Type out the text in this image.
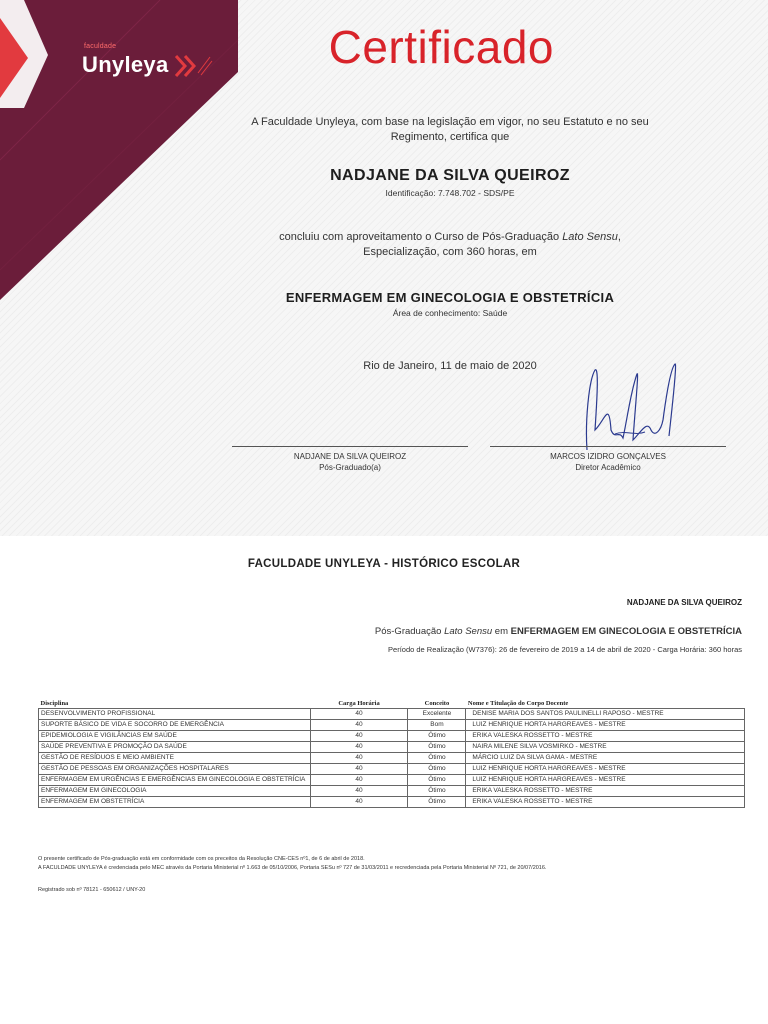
faculdade
Unyleya	Certificado
A Faculdade Unyleya, com base na legislação em vigor, no seu Estatuto e no seu
Regimento, certifica que
NADJANE DA SILVA QUEIROZ
Identificação: 7.748.702 - SDS/PE
concluiu com aproveitamento o Curso de Pós-Graduação Lato Sensu,
Especialização, com 360 horas, em
ENFERMAGEM EM GINECOLOGIA E OBSTETRÍCIA
Área de conhecimento: Saúde
Rio de Janeiro, 11 de maio de 2020
NADJANE DA SILVA QUEIROZ
Pós-Graduado(a)
MARCOS IZIDRO GONÇALVES
Diretor Acadêmico
FACULDADE UNYLEYA - HISTÓRICO ESCOLAR
NADJANE DA SILVA QUEIROZ
Pós-Graduação Lato Sensu em ENFERMAGEM EM GINECOLOGIA E OBSTETRÍCIA
Período de Realização (W7376): 26 de fevereiro de 2019 a 14 de abril de 2020 - Carga Horária: 360 horas
Disciplina	Carga Horária	Conceito	Nome e Titulação do Corpo Docente
DESENVOLVIMENTO PROFISSIONAL	40	Excelente	DENISE MARIA DOS SANTOS PAULINELLI RAPOSO - MESTRE
SUPORTE BÁSICO DE VIDA E SOCORRO DE EMERGÊNCIA	40	Bom	LUIZ HENRIQUE HORTA HARGREAVES - MESTRE
EPIDEMIOLOGIA E VIGILÂNCIAS EM SAÚDE	40	Ótimo	ERIKA VALESKA ROSSETTO - MESTRE
SAÚDE PREVENTIVA E PROMOÇÃO DA SAÚDE	40	Ótimo	NAIRA MILENE SILVA VOSMIRKO - MESTRE
GESTÃO DE RESÍDUOS E MEIO AMBIENTE	40	Ótimo	MÁRCIO LUIZ DA SILVA GAMA - MESTRE
GESTÃO DE PESSOAS EM ORGANIZAÇÕES HOSPITALARES	40	Ótimo	LUIZ HENRIQUE HORTA HARGREAVES - MESTRE
ENFERMAGEM EM URGÊNCIAS E EMERGÊNCIAS EM GINECOLOGIA E OBSTETRÍCIA	40	Ótimo	LUIZ HENRIQUE HORTA HARGREAVES - MESTRE
ENFERMAGEM EM GINECOLOGIA	40	Ótimo	ERIKA VALESKA ROSSETTO - MESTRE
ENFERMAGEM EM OBSTETRÍCIA	40	Ótimo	ERIKA VALESKA ROSSETTO - MESTRE
O presente certificado de Pós-graduação está em conformidade com os preceitos da Resolução CNE-CES nº1, de 6 de abril de 2018.
A FACULDADE UNYLEYA é credenciada pelo MEC através da Portaria Ministerial nº 1.663 de 05/10/2006, Portaria SESu nº 727 de 31/03/2011 e recredenciada pela Portaria Ministerial Nº 721, de 20/07/2016.
Registrado sob nº 78121 - 650612 / UNY-20
